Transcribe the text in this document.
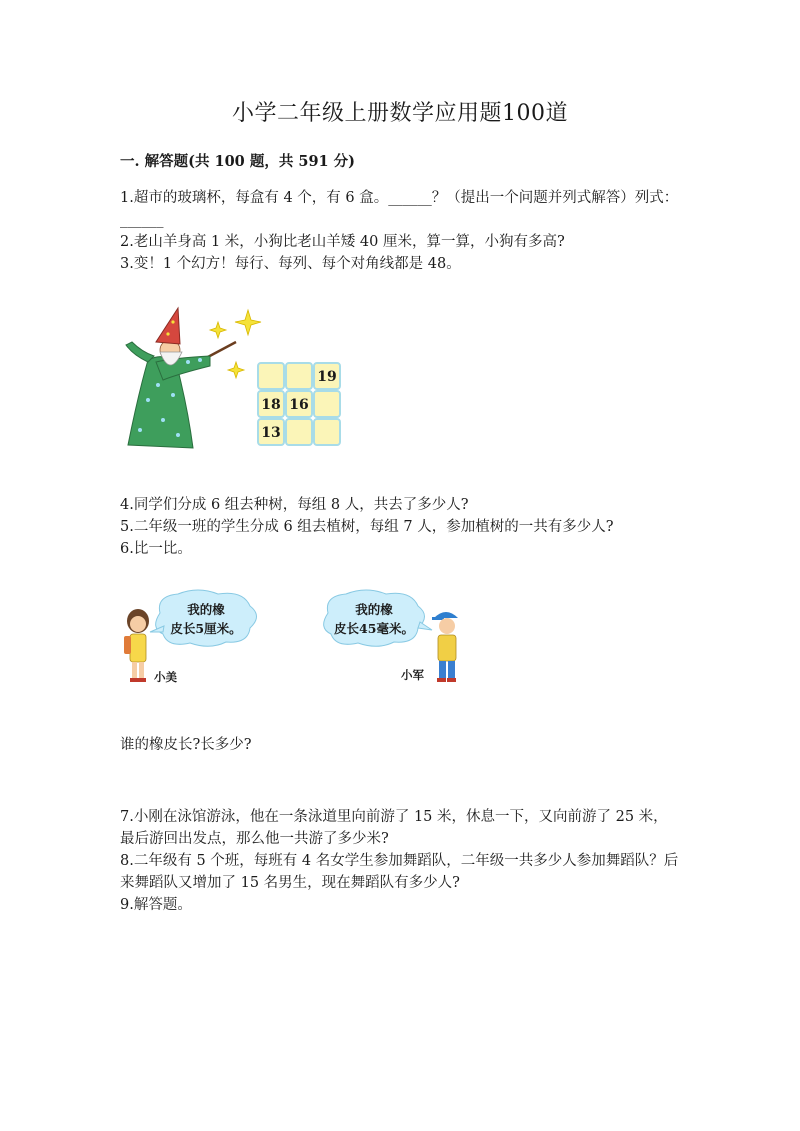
小学二年级上册数学应用题100道
一. 解答题(共 100 题，共 591 分)

1.超市的玻璃杯，每盒有 4 个，有 6 盒。______？（提出一个问题并列式解答）列式：______

2.老山羊身高 1 米，小狗比老山羊矮 40 厘米，算一算，小狗有多高?

3.变！1 个幻方！每行、每列、每个对角线都是 48。

19
18 16
13

4.同学们分成 6 组去种树，每组 8 人，共去了多少人?

5.二年级一班的学生分成 6 组去植树，每组 7 人，参加植树的一共有多少人?

6.比一比。

我的橡
皮长5厘米。
小美
我的橡
皮长45毫米。
小军
谁的橡皮长?长多少?

7.小刚在泳馆游泳，他在一条泳道里向前游了 15 米，休息一下，又向前游了 25 米，最后游回出发点，那么他一共游了多少米?

8.二年级有 5 个班，每班有 4 名女学生参加舞蹈队，二年级一共多少人参加舞蹈队？后来舞蹈队又增加了 15 名男生，现在舞蹈队有多少人?

9.解答题。
